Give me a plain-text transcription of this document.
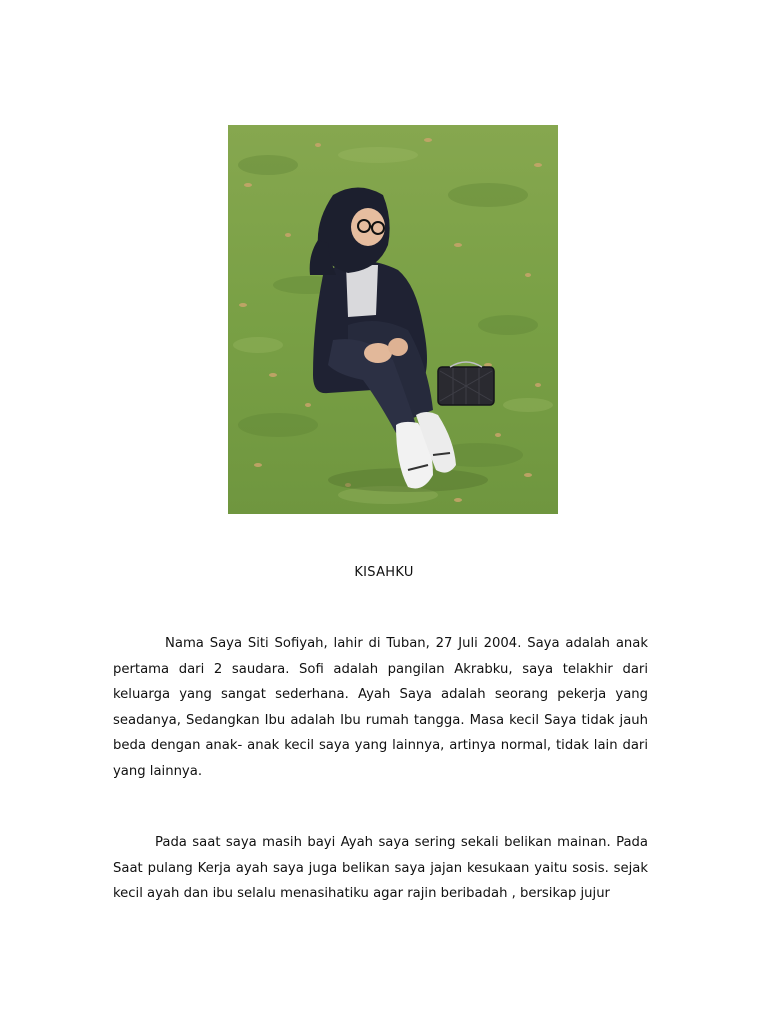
KISAHKU

Nama Saya Siti Sofiyah, lahir di Tuban, 27 Juli 2004. Saya adalah anak pertama dari 2 saudara. Sofi adalah pangilan Akrabku, saya telakhir dari keluarga yang sangat sederhana. Ayah Saya adalah seorang pekerja yang seadanya, Sedangkan Ibu adalah Ibu rumah tangga. Masa kecil Saya tidak jauh beda dengan anak- anak kecil saya yang lainnya, artinya normal, tidak lain dari yang lainnya.

Pada saat saya masih bayi Ayah saya sering sekali belikan mainan. Pada Saat pulang Kerja ayah saya juga belikan saya jajan kesukaan yaitu sosis. sejak kecil ayah dan ibu selalu menasihatiku agar rajin beribadah , bersikap jujur
